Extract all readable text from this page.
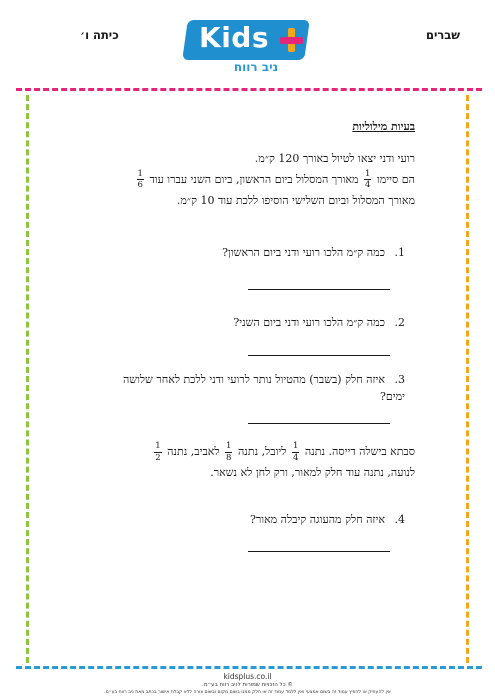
שברים
כיתה ו׳	Kids
ניב רווח
בעיות מילוליות
רועי ודני יצאו לטיול באורך 120 ק״מ.
הם סיימו
$\frac{1}{4}$
מאורך המסלול ביום הראשון, ביום השני עברו עוד
$\frac{1}{6}$
מאורך המסלול וביום השלישי הוסיפו ללכת עוד 10 ק״מ.
1.כמה ק״מ הלכו רועי ודני ביום הראשון?
2.כמה ק״מ הלכו רועי ודני ביום השני?
3.איזה חלק (בשבר) מהטיול נותר לרועי ודני ללכת לאחר שלושה ימים?
סבתא בישלה דייסה. נתנה
$\frac{1}{4}$
ליובל, נתנה
$\frac{1}{8}$
לאביב, נתנה
$\frac{1}{2}$
לנועה, נתנה עוד חלק למאור, ורק לחן לא נשאר.
4.איזה חלק מהעוגה קיבלה מאור?
kidsplus.co.il
© כל הזכויות שמורות לניב רווח בע״מ.
אין להעתיק או להפיץ עמוד זה בשום אמצעי ואין ללמד עמוד זה או חלק ממנו בשום מקום ובשום צורה ללא קבלת אישור בכתב מאת ניב רווח בע״מ.
